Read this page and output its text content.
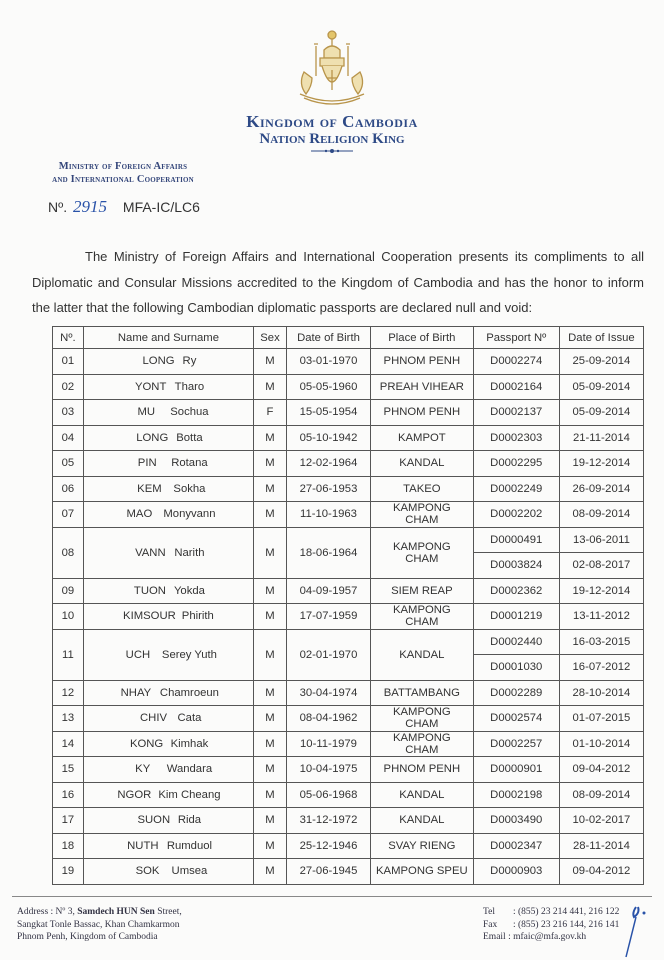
Kingdom of Cambodia
Nation Religion King
Ministry of Foreign Affairs
and International Cooperation
Nº. 2915 MFA-IC/LC6
The Ministry of Foreign Affairs and International Cooperation presents its compliments to all Diplomatic and Consular Missions accredited to the Kingdom of Cambodia and has the honor to inform the latter that the following Cambodian diplomatic passports are declared null and void:
Nº.	Name and Surname	Sex	Date of Birth	Place of Birth	Passport Nº	Date of Issue
01	LONG Ry	M	03-01-1970	PHNOM PENH	D0002274	25-09-2014
02	YONT Tharo	M	05-05-1960	PREAH VIHEAR	D0002164	05-09-2014
03	MU Sochua	F	15-05-1954	PHNOM PENH	D0002137	05-09-2014
04	LONG Botta	M	05-10-1942	KAMPOT	D0002303	21-11-2014
05	PIN Rotana	M	12-02-1964	KANDAL	D0002295	19-12-2014
06	KEM Sokha	M	27-06-1953	TAKEO	D0002249	26-09-2014
07	MAO Monyvann	M	11-10-1963	KAMPONG CHAM	D0002202	08-09-2014
08	VANN Narith	M	18-06-1964	KAMPONG CHAM	D0000491	13-06-2011
					D0003824	02-08-2017
09	TUON Yokda	M	04-09-1957	SIEM REAP	D0002362	19-12-2014
10	KIMSOUR Phirith	M	17-07-1959	KAMPONG CHAM	D0001219	13-11-2012
11	UCH Serey Yuth	M	02-01-1970	KANDAL	D0002440	16-03-2015
					D0001030	16-07-2012
12	NHAY Chamroeun	M	30-04-1974	BATTAMBANG	D0002289	28-10-2014
13	CHIV Cata	M	08-04-1962	KAMPONG CHAM	D0002574	01-07-2015
14	KONG Kimhak	M	10-11-1979	KAMPONG CHAM	D0002257	01-10-2014
15	KY Wandara	M	10-04-1975	PHNOM PENH	D0000901	09-04-2012
16	NGOR Kim Cheang	M	05-06-1968	KANDAL	D0002198	08-09-2014
17	SUON Rida	M	31-12-1972	KANDAL	D0003490	10-02-2017
18	NUTH Rumduol	M	25-12-1946	SVAY RIENG	D0002347	28-11-2014
19	SOK Umsea	M	27-06-1945	KAMPONG SPEU	D0000903	09-04-2012
Address : Nº 3, Samdech HUN Sen Street,
Sangkat Tonle Bassac, Khan Chamkarmon
Phnom Penh, Kingdom of Cambodia
Tel : (855) 23 214 441, 216 122
Fax : (855) 23 216 144, 216 141
Email : mfaic@mfa.gov.kh
